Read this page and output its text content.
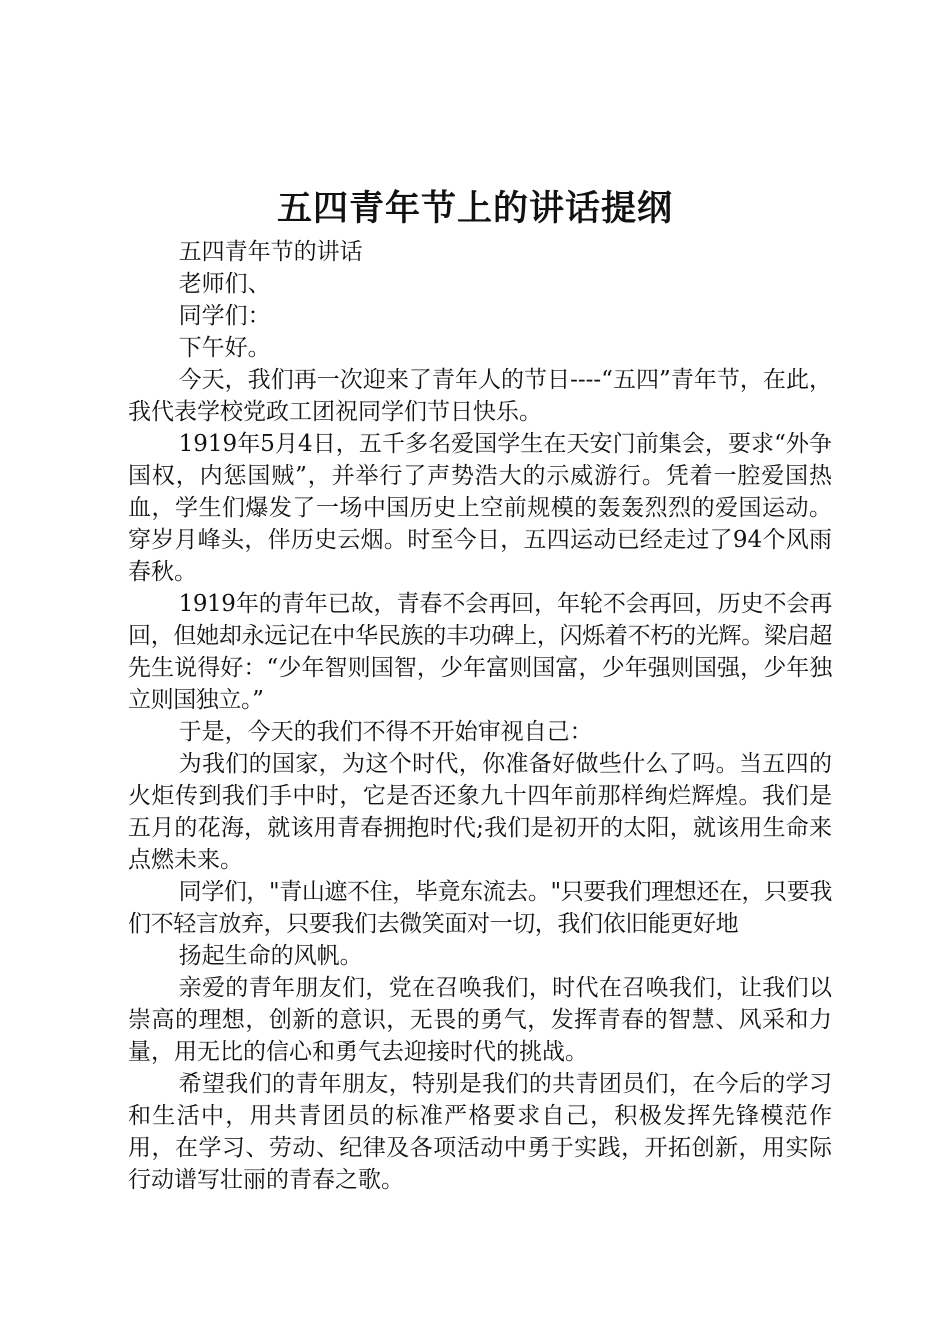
五四青年节上的讲话提纲

五四青年节的讲话

老师们、

同学们：

下午好。

今天，我们再一次迎来了青年人的节日----“五四”青年节，在此，我代表学校党政工团祝同学们节日快乐。

1919年5月4日，五千多名爱国学生在天安门前集会，要求“外争国权，内惩国贼”，并举行了声势浩大的示威游行。凭着一腔爱国热血，学生们爆发了一场中国历史上空前规模的轰轰烈烈的爱国运动。穿岁月峰头，伴历史云烟。时至今日，五四运动已经走过了94个风雨春秋。

1919年的青年已故，青春不会再回，年轮不会再回，历史不会再回，但她却永远记在中华民族的丰功碑上，闪烁着不朽的光辉。梁启超先生说得好：“少年智则国智，少年富则国富，少年强则国强，少年独立则国独立。”

于是，今天的我们不得不开始审视自己：

为我们的国家，为这个时代，你准备好做些什么了吗。当五四的火炬传到我们手中时，它是否还象九十四年前那样绚烂辉煌。我们是五月的花海，就该用青春拥抱时代;我们是初开的太阳，就该用生命来点燃未来。

同学们，"青山遮不住，毕竟东流去。"只要我们理想还在，只要我们不轻言放弃，只要我们去微笑面对一切，我们依旧能更好地

扬起生命的风帆。

亲爱的青年朋友们，党在召唤我们，时代在召唤我们，让我们以崇高的理想，创新的意识，无畏的勇气，发挥青春的智慧、风采和力量，用无比的信心和勇气去迎接时代的挑战。

希望我们的青年朋友，特别是我们的共青团员们，在今后的学习和生活中，用共青团员的标准严格要求自己，积极发挥先锋模范作用，在学习、劳动、纪律及各项活动中勇于实践，开拓创新，用实际行动谱写壮丽的青春之歌。
